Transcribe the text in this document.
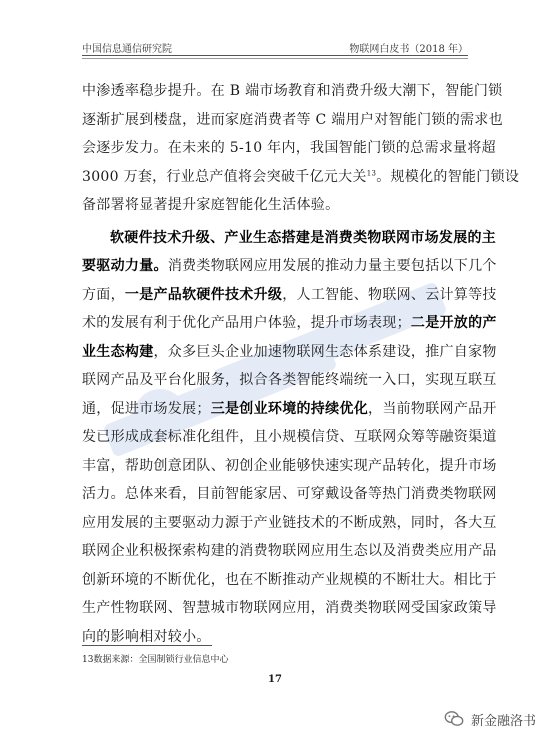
中国信息通信研究院	物联网白皮书（2018 年）
中渗透率稳步提升。在 B 端市场教育和消费升级大潮下，智能门锁
逐渐扩展到楼盘，进而家庭消费者等 C 端用户对智能门锁的需求也
会逐步发力。在未来的 5-10 年内，我国智能门锁的总需求量将超
3000 万套，行业总产值将会突破千亿元大关$^{13}$。规模化的智能门锁设
备部署将显著提升家庭智能化生活体验。
软硬件技术升级、产业生态搭建是消费类物联网市场发展的主
要驱动力量。消费类物联网应用发展的推动力量主要包括以下几个
方面，一是产品软硬件技术升级，人工智能、物联网、云计算等技
术的发展有利于优化产品用户体验，提升市场表现；二是开放的产
业生态构建，众多巨头企业加速物联网生态体系建设，推广自家物
联网产品及平台化服务，拟合各类智能终端统一入口，实现互联互
通，促进市场发展；三是创业环境的持续优化，当前物联网产品开
发已形成成套标准化组件，且小规模信贷、互联网众筹等融资渠道
丰富，帮助创意团队、初创企业能够快速实现产品转化，提升市场
活力。总体来看，目前智能家居、可穿戴设备等热门消费类物联网
应用发展的主要驱动力源于产业链技术的不断成熟，同时，各大互
联网企业积极探索构建的消费物联网应用生态以及消费类应用产品
创新环境的不断优化，也在不断推动产业规模的不断壮大。相比于
生产性物联网、智慧城市物联网应用，消费类物联网受国家政策导
向的影响相对较小。
13数据来源：全国制锁行业信息中心
17
新金融洛书
